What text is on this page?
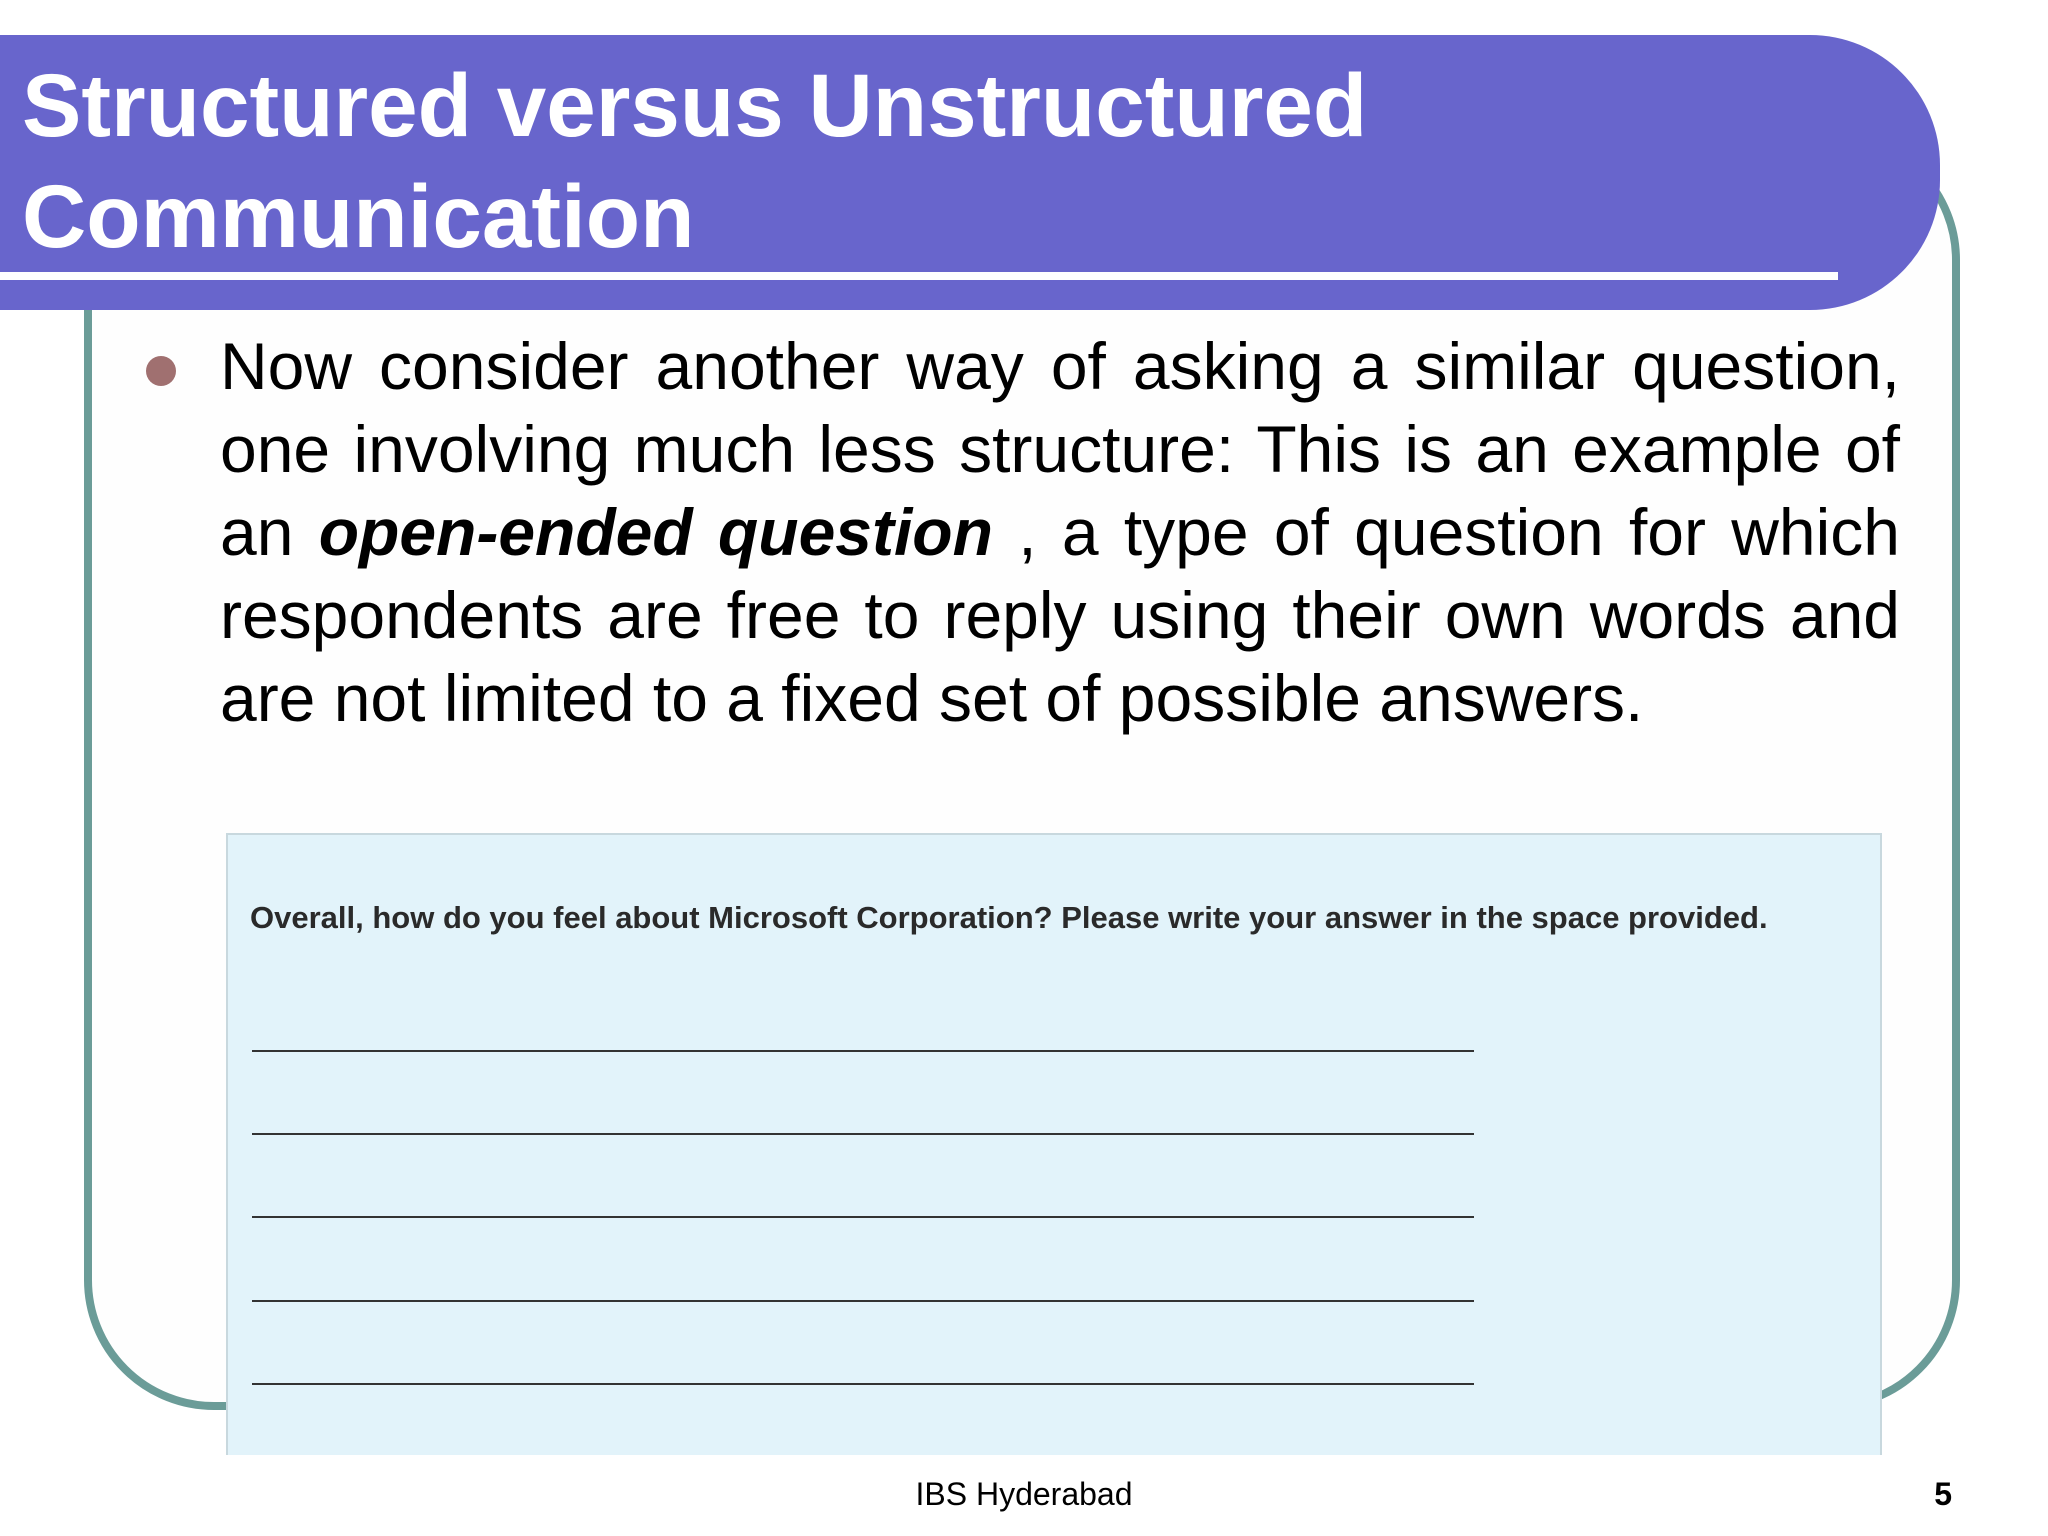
Structured versus Unstructured
Communication

Now consider another way of asking a similar question, one involving much less structure: This is an example of an open-ended question , a type of question for which respondents are free to reply using their own words and are not limited to a fixed set of possible answers.

Overall, how do you feel about Microsoft Corporation? Please write your answer in the space provided.

IBS Hyderabad	5
